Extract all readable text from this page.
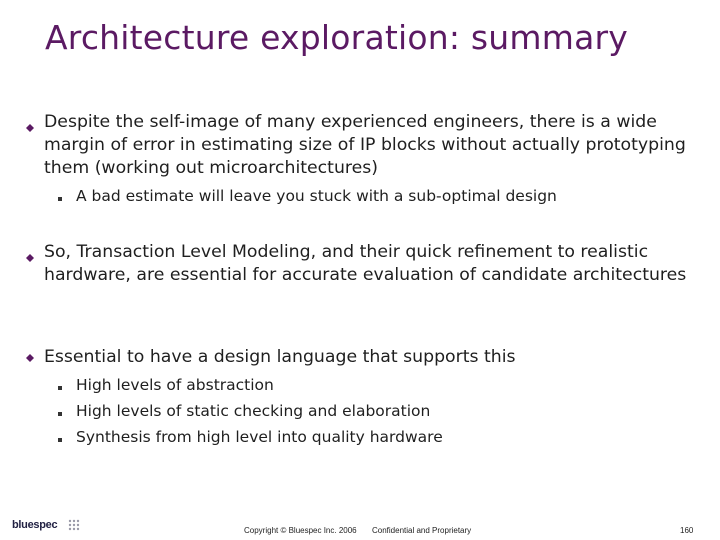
Architecture exploration: summary
Despite the self-image of many experienced engineers, there is a wide margin of error in estimating size of IP blocks without actually prototyping them (working out microarchitectures)
A bad estimate will leave you stuck with a sub-optimal design
So, Transaction Level Modeling, and their quick refinement to realistic hardware, are essential for accurate evaluation of candidate architectures
Essential to have a design language that supports this
High levels of abstraction
High levels of static checking and elaboration
Synthesis from high level into quality hardware
bluespec	Copyright © Bluespec Inc. 2006 Confidential and Proprietary	160
